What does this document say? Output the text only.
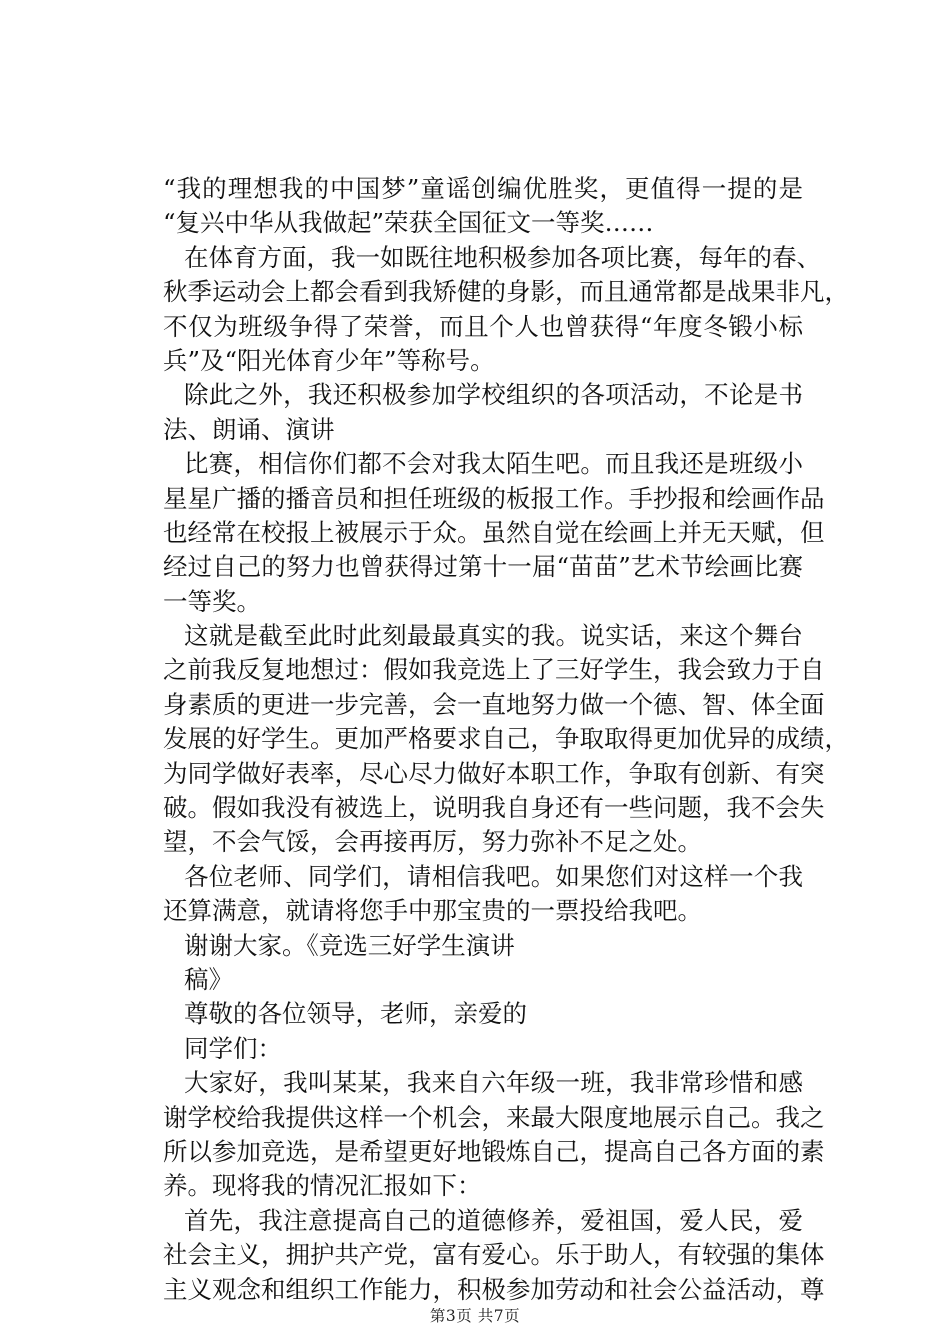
“我的理想我的中国梦”童谣创编优胜奖，更值得一提的是
“复兴中华从我做起”荣获全国征文一等奖……
在体育方面，我一如既往地积极参加各项比赛，每年的春、
秋季运动会上都会看到我矫健的身影，而且通常都是战果非凡，
不仅为班级争得了荣誉，而且个人也曾获得“年度冬锻小标
兵”及“阳光体育少年”等称号。
除此之外，我还积极参加学校组织的各项活动，不论是书
法、朗诵、演讲
比赛，相信你们都不会对我太陌生吧。而且我还是班级小
星星广播的播音员和担任班级的板报工作。手抄报和绘画作品
也经常在校报上被展示于众。虽然自觉在绘画上并无天赋，但
经过自己的努力也曾获得过第十一届“苗苗”艺术节绘画比赛
一等奖。
这就是截至此时此刻最最真实的我。说实话，来这个舞台
之前我反复地想过：假如我竞选上了三好学生，我会致力于自
身素质的更进一步完善，会一直地努力做一个德、智、体全面
发展的好学生。更加严格要求自己，争取取得更加优异的成绩，
为同学做好表率，尽心尽力做好本职工作，争取有创新、有突
破。假如我没有被选上，说明我自身还有一些问题，我不会失
望，不会气馁，会再接再厉，努力弥补不足之处。
各位老师、同学们，请相信我吧。如果您们对这样一个我
还算满意，就请将您手中那宝贵的一票投给我吧。
谢谢大家。《竞选三好学生演讲
稿》
尊敬的各位领导，老师，亲爱的
同学们：
大家好，我叫某某，我来自六年级一班，我非常珍惜和感
谢学校给我提供这样一个机会，来最大限度地展示自己。我之
所以参加竞选，是希望更好地锻炼自己，提高自己各方面的素
养。现将我的情况汇报如下：
首先，我注意提高自己的道德修养，爱祖国，爱人民，爱
社会主义，拥护共产党，富有爱心。乐于助人，有较强的集体
主义观念和组织工作能力，积极参加劳动和社会公益活动，尊
第3页 共7页
